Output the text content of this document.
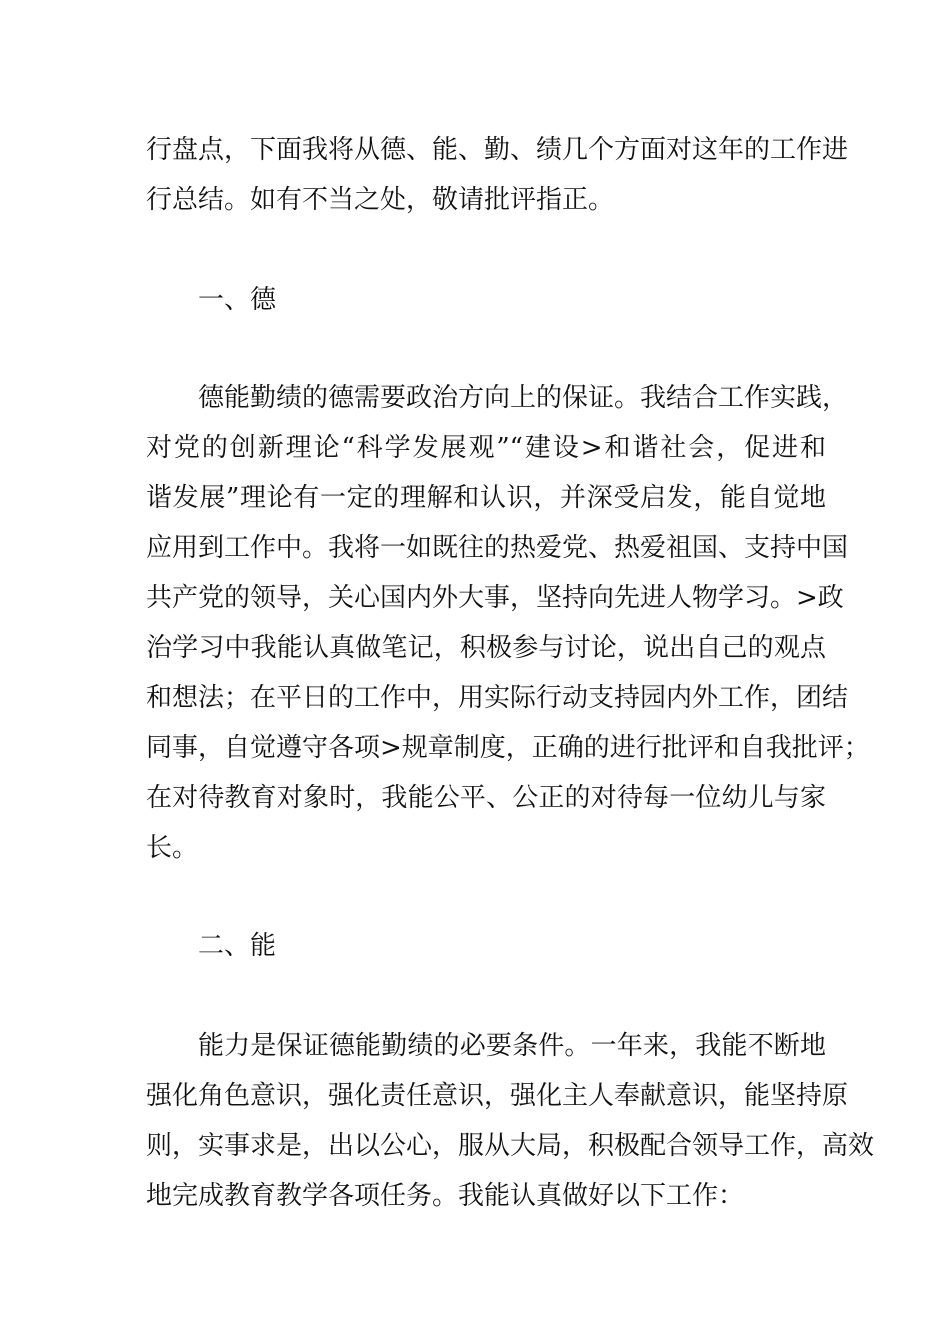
行盘点，下面我将从德、能、勤、绩几个方面对这年的工作进
行总结。如有不当之处，敬请批评指正。
一、德
德能勤绩的德需要政治方向上的保证。我结合工作实践，
对党的创新理论“科学发展观”“建设>和谐社会，促进和
谐发展”理论有一定的理解和认识，并深受启发，能自觉地
应用到工作中。我将一如既往的热爱党、热爱祖国、支持中国
共产党的领导，关心国内外大事，坚持向先进人物学习。>政
治学习中我能认真做笔记，积极参与讨论，说出自己的观点
和想法；在平日的工作中，用实际行动支持园内外工作，团结
同事，自觉遵守各项>规章制度，正确的进行批评和自我批评；
在对待教育对象时，我能公平、公正的对待每一位幼儿与家
长。
二、能
能力是保证德能勤绩的必要条件。一年来，我能不断地
强化角色意识，强化责任意识，强化主人奉献意识，能坚持原
则，实事求是，出以公心，服从大局，积极配合领导工作，高效
地完成教育教学各项任务。我能认真做好以下工作：
